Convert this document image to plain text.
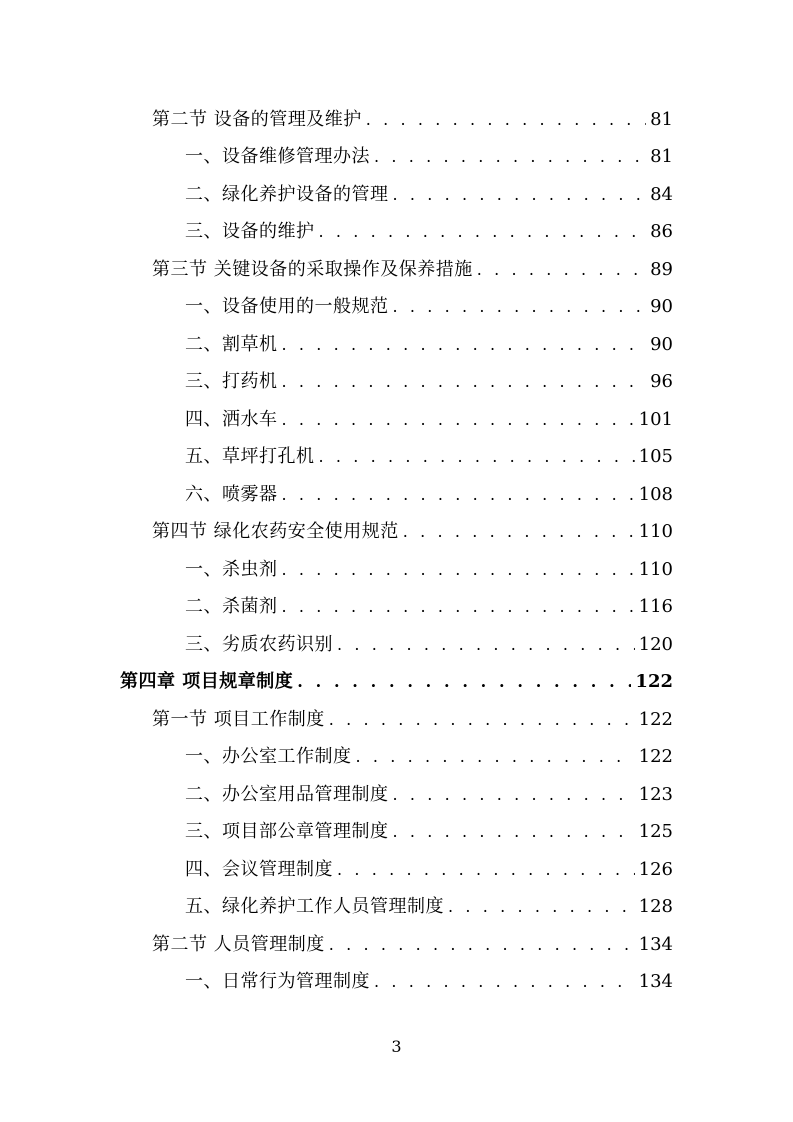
第二节 设备的管理及维护 . . .	81
一、设备维修管理办法 . . .	81
二、绿化养护设备的管理 . . .	84
三、设备的维护 . . .	86
第三节 关键设备的采取操作及保养措施 . . .	89
一、设备使用的一般规范 . . .	90
二、割草机 . . .	90
三、打药机 . . .	96
四、洒水车 . . .	101
五、草坪打孔机 . . .	105
六、喷雾器 . . .	108
第四节 绿化农药安全使用规范 . . .	110
一、杀虫剂 . . .	110
二、杀菌剂 . . .	116
三、劣质农药识别 . . .	120
第四章 项目规章制度 . . .	122
第一节 项目工作制度 . . .	122
一、办公室工作制度 . . .	122
二、办公室用品管理制度 . . .	123
三、项目部公章管理制度 . . .	125
四、会议管理制度 . . .	126
五、绿化养护工作人员管理制度 . . .	128
第二节 人员管理制度 . . .	134
一、日常行为管理制度 . . .	134
3
